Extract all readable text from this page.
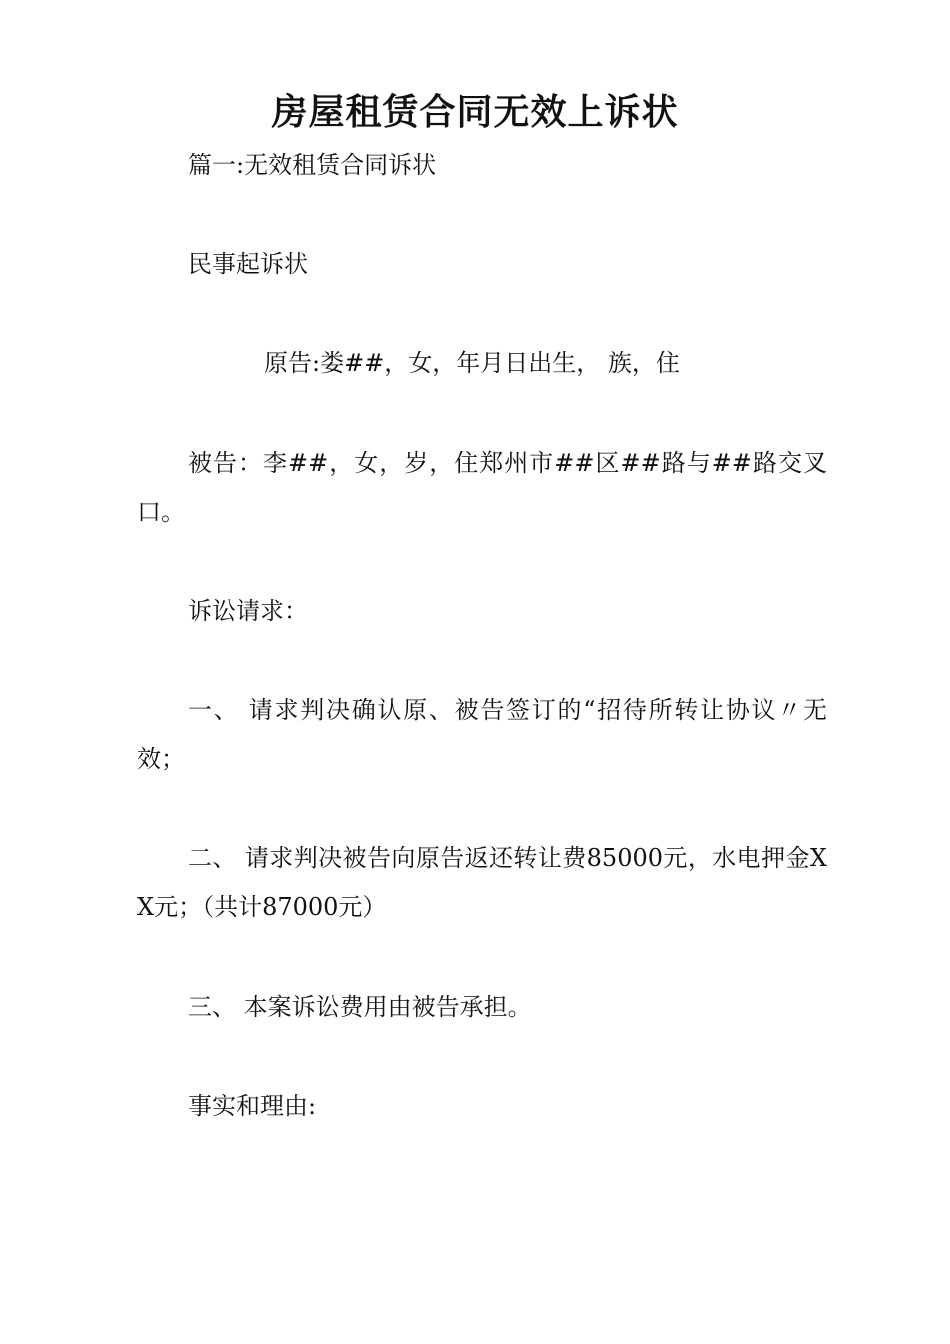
房屋租赁合同无效上诉状
篇一:无效租赁合同诉状
民事起诉状
原告:娄##，女，年月日出生， 族，住
被告：李##，女，岁，住郑州市##区##路与##路交叉口。
诉讼请求：
一、 请求判决确认原、被告签订的“招待所转让协议〃无效；
二、 请求判决被告向原告返还转让费85000元，水电押金XX元；（共计87000元）
三、 本案诉讼费用由被告承担。
事实和理由:
